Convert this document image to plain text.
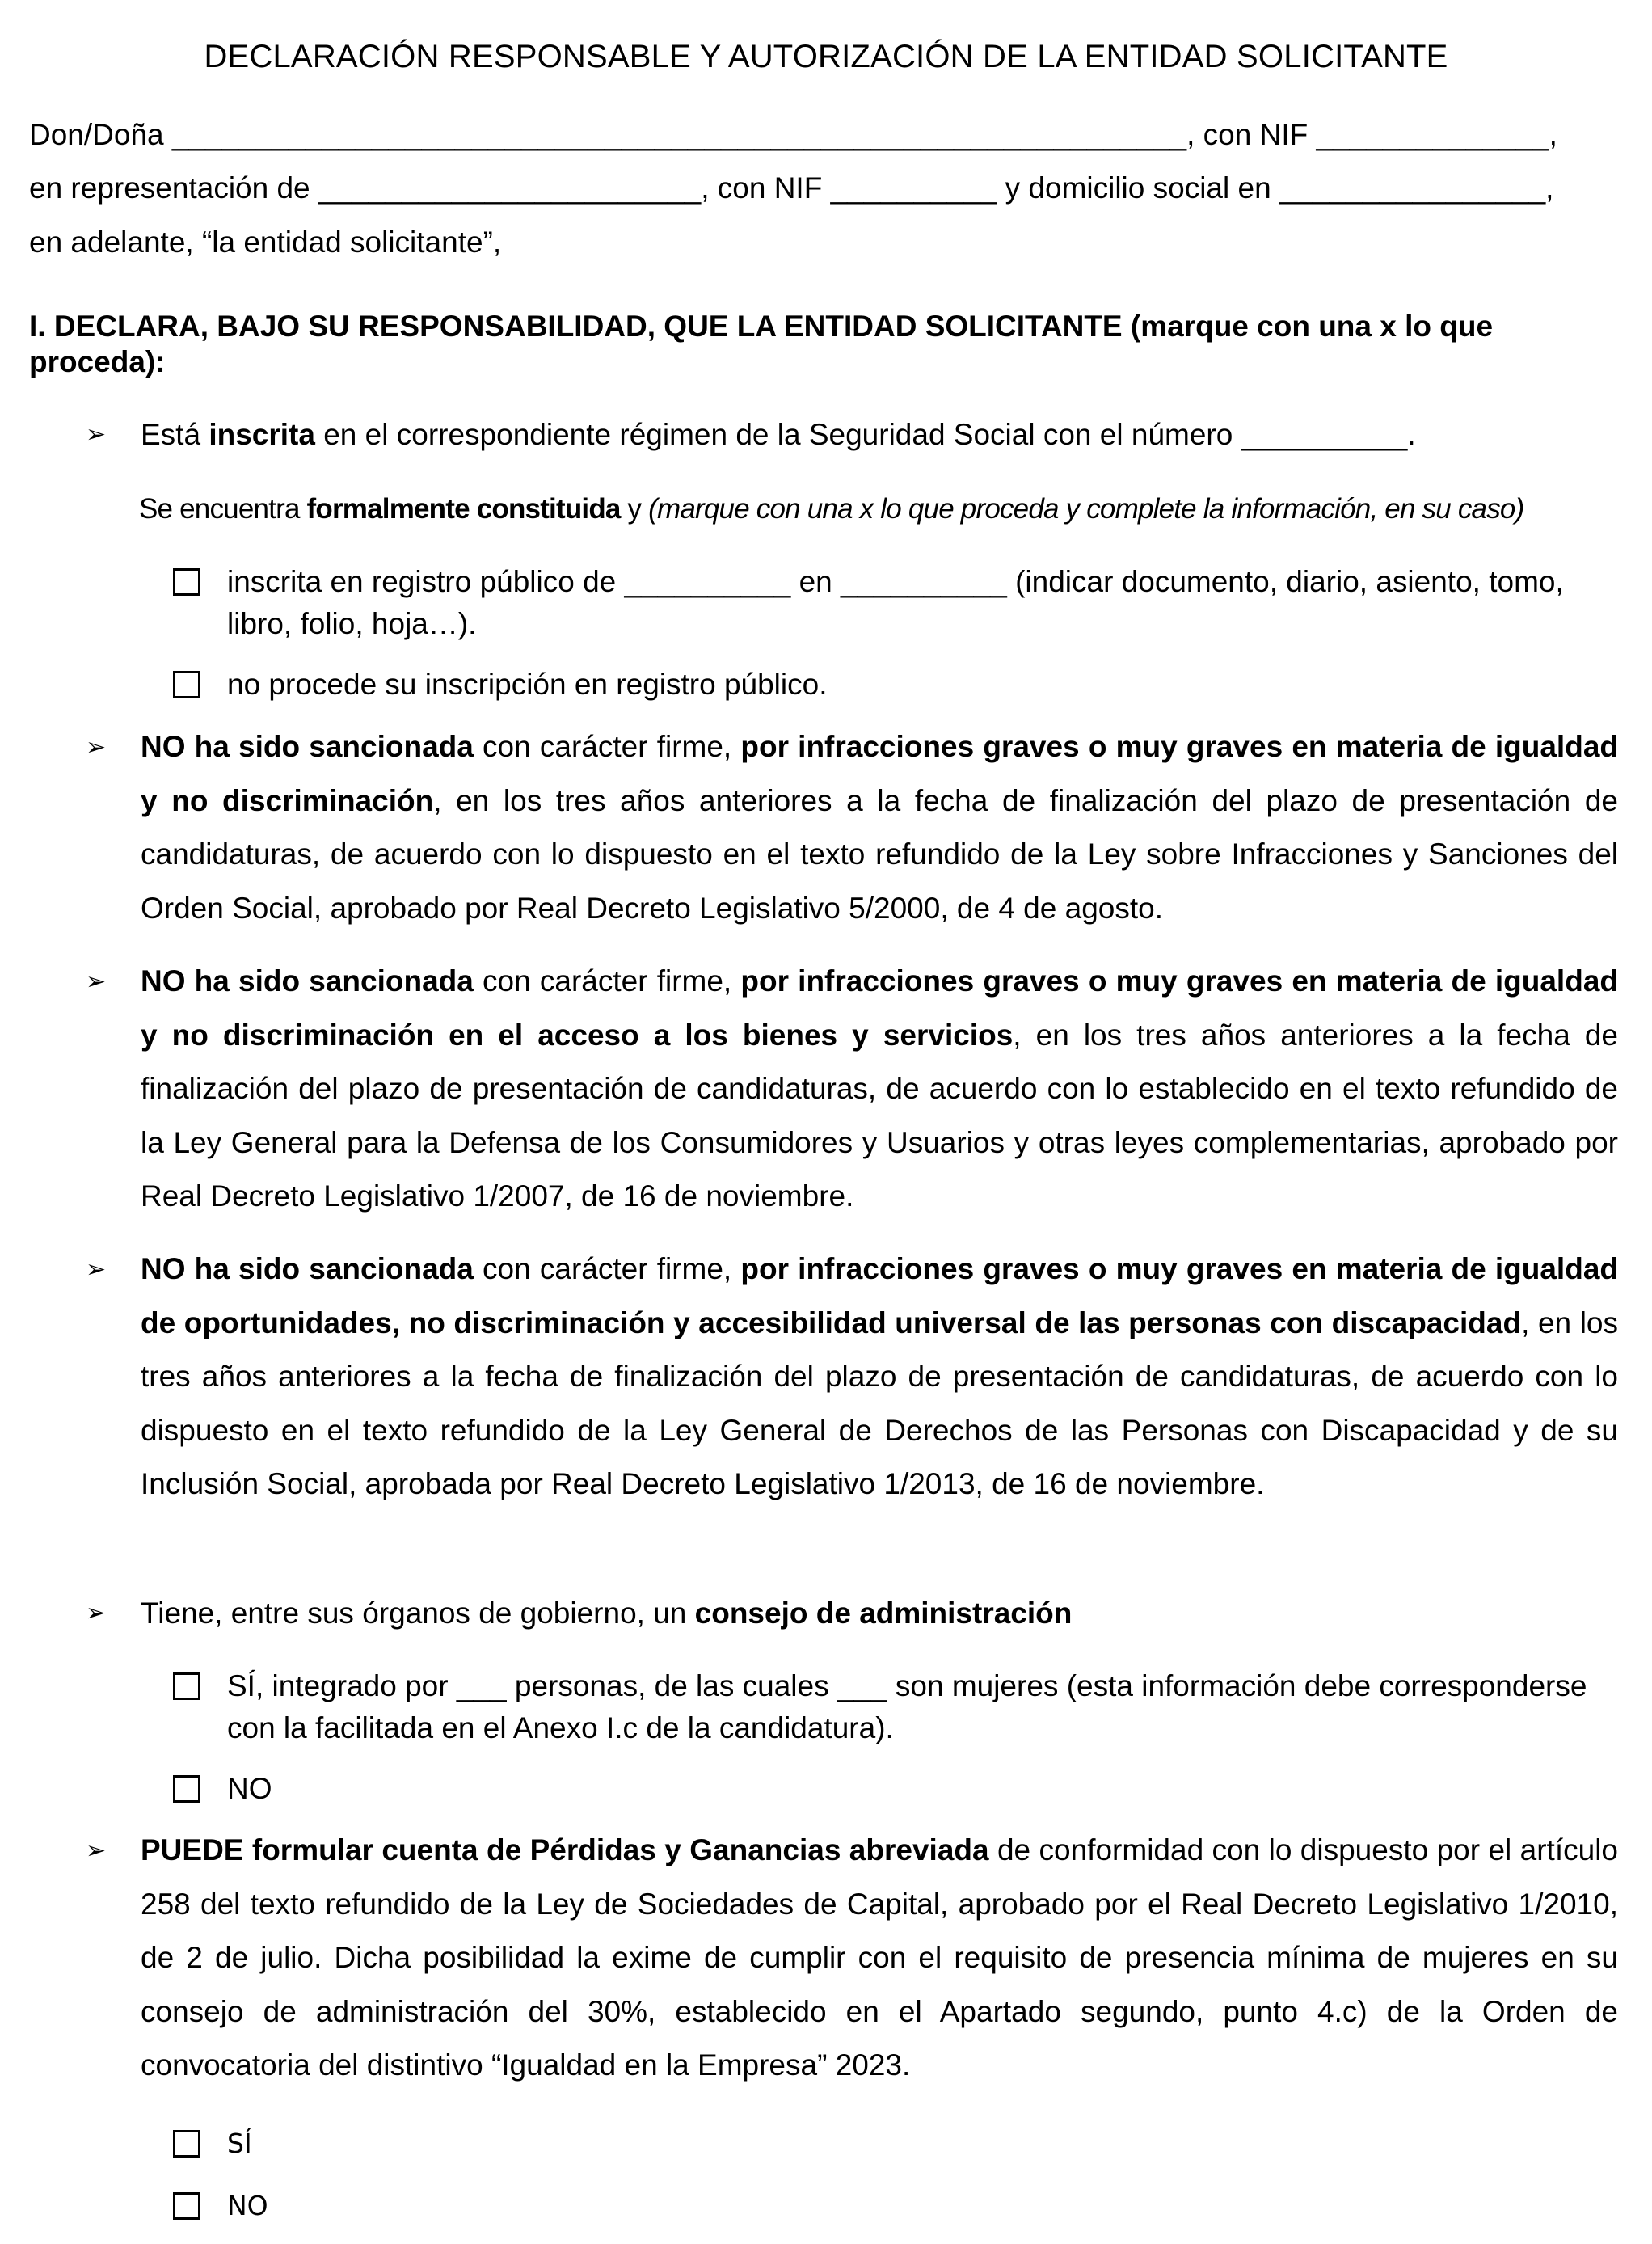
DECLARACIÓN RESPONSABLE Y AUTORIZACIÓN DE LA ENTIDAD SOLICITANTE
Don/Doña _____________________________________________________________, con NIF ______________,
en representación de _______________________, con NIF __________ y domicilio social en ________________,
en adelante, “la entidad solicitante”,
I. DECLARA, BAJO SU RESPONSABILIDAD, QUE LA ENTIDAD SOLICITANTE (marque con una x lo que proceda):
➢ Está inscrita en el correspondiente régimen de la Seguridad Social con el número __________.
Se encuentra formalmente constituida y (marque con una x lo que proceda y complete la información, en su caso)
inscrita en registro público de __________ en __________ (indicar documento, diario, asiento, tomo, libro, folio, hoja…).
no procede su inscripción en registro público.
➢ NO ha sido sancionada con carácter firme, por infracciones graves o muy graves en materia de igualdad y no discriminación, en los tres años anteriores a la fecha de finalización del plazo de presentación de candidaturas, de acuerdo con lo dispuesto en el texto refundido de la Ley sobre Infracciones y Sanciones del Orden Social, aprobado por Real Decreto Legislativo 5/2000, de 4 de agosto.
➢ NO ha sido sancionada con carácter firme, por infracciones graves o muy graves en materia de igualdad y no discriminación en el acceso a los bienes y servicios, en los tres años anteriores a la fecha de finalización del plazo de presentación de candidaturas, de acuerdo con lo establecido en el texto refundido de la Ley General para la Defensa de los Consumidores y Usuarios y otras leyes complementarias, aprobado por Real Decreto Legislativo 1/2007, de 16 de noviembre.
➢ NO ha sido sancionada con carácter firme, por infracciones graves o muy graves en materia de igualdad de oportunidades, no discriminación y accesibilidad universal de las personas con discapacidad, en los tres años anteriores a la fecha de finalización del plazo de presentación de candidaturas, de acuerdo con lo dispuesto en el texto refundido de la Ley General de Derechos de las Personas con Discapacidad y de su Inclusión Social, aprobada por Real Decreto Legislativo 1/2013, de 16 de noviembre.
➢ Tiene, entre sus órganos de gobierno, un consejo de administración
SÍ, integrado por ___ personas, de las cuales ___ son mujeres (esta información debe corresponderse con la facilitada en el Anexo I.c de la candidatura).
NO
➢ PUEDE formular cuenta de Pérdidas y Ganancias abreviada de conformidad con lo dispuesto por el artículo 258 del texto refundido de la Ley de Sociedades de Capital, aprobado por el Real Decreto Legislativo 1/2010, de 2 de julio. Dicha posibilidad la exime de cumplir con el requisito de presencia mínima de mujeres en su consejo de administración del 30%, establecido en el Apartado segundo, punto 4.c) de la Orden de convocatoria del distintivo “Igualdad en la Empresa” 2023.
SÍ
NO
